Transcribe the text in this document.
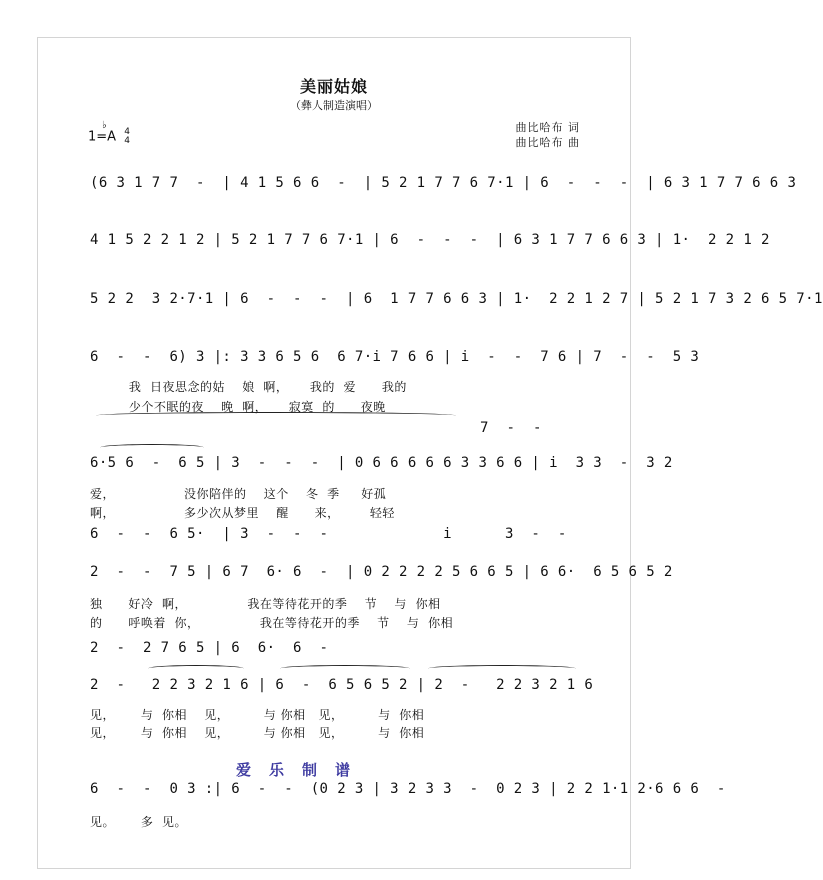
美丽姑娘
（彝人制造演唱）
1=
♭
A 4
4
曲比哈布 词
曲比哈布 曲
(6 3 1 7 7  -  | 4 1 5 6 6  -  | 5 2 1 7 7 6 7·1 | 6  -  -  -  | 6 3 1 7 7 6 6 3
4 1 5 2 2 1 2 | 5 2 1 7 7 6 7·1 | 6  -  -  -  | 6 3 1 7 7 6 6 3 | 1·  2 2 1 2
5 2 2  3 2·7·1 | 6  -  -  -  | 6  1 7 7 6 6 3 | 1·  2 2 1 2 7 | 5 2 1 7 3 2 6 5 7·1
6  -  -  6) 3 |: 3 3 6 5 6  6 7·i 7 6 6 | i  -  -  7 6 | 7  -  -  5 3
我  日夜思念的姑    娘  啊，     我的  爱      我的
少个不眠的夜    晚  啊，     寂寞  的      夜晚
7  -  -
6·5 6  -  6 5 | 3  -  -  -  | 0 6 6 6 6 6 3 3 6 6 | i  3 3  -  3 2
爱，                没你陪伴的    这个    冬  季     好孤
啊，                多少次从梦里    醒      来，       轻轻
6  -  -  6 5·  | 3  -  -  -             i      3  -  -
2  -  -  7 5 | 6 7  6· 6  -  | 0 2 2 2 2 5 6 6 5 | 6 6·  6 5 6 5 2
独      好冷  啊，              我在等待花开的季    节    与  你相
的      呼唤着  你，              我在等待花开的季    节    与  你相
2  -  2 7 6 5 | 6  6·  6  -
2  -   2 2 3 2 1 6 | 6  -  6 5 6 5 2 | 2  -   2 2 3 2 1 6
见，      与  你相    见，        与 你相   见，        与  你相
见，      与  你相    见，        与 你相   见，        与  你相
爱乐制谱
6  -  -  0 3 :| 6  -  -  (0 2 3 | 3 2 3 3  -  0 2 3 | 2 2 1·1 2·6 6 6  -
见。      多  见。
